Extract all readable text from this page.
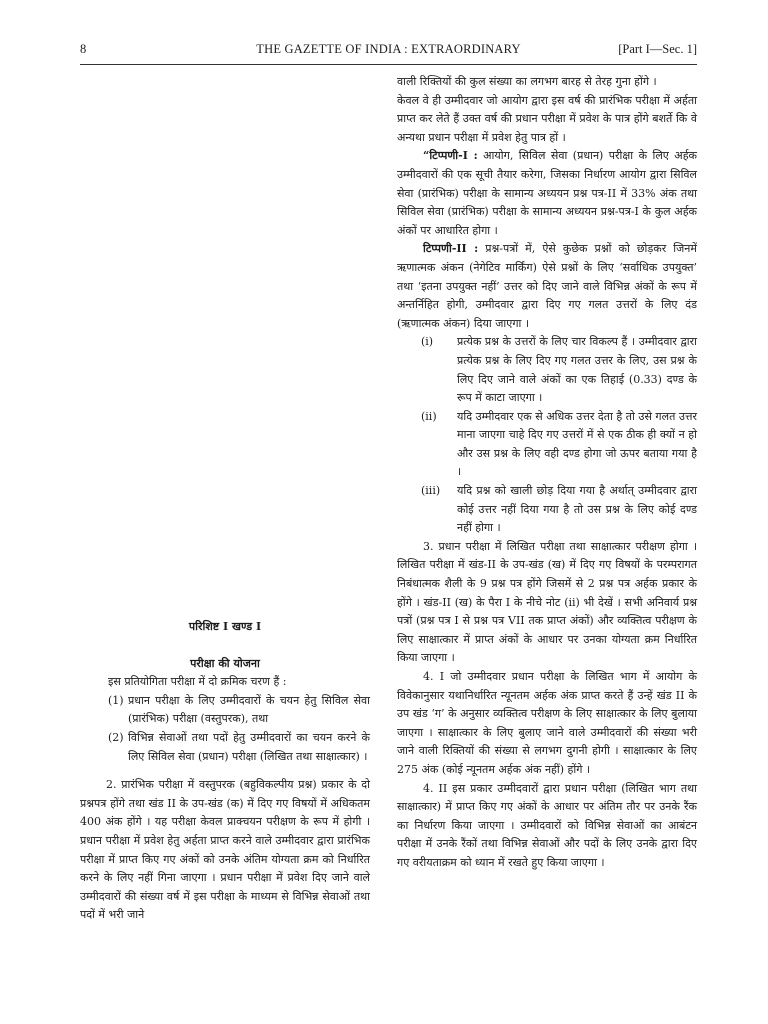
8	THE GAZETTE OF INDIA : EXTRAORDINARY	[Part I—Sec. 1]

वाली रिक्तियों की कुल संख्या का लगभग बारह से तेरह गुना होंगे ।

केवल वे ही उम्मीदवार जो आयोग द्वारा इस वर्ष की प्रारंभिक परीक्षा में अर्हता प्राप्त कर लेते हैं उक्त वर्ष की प्रधान परीक्षा में प्रवेश के पात्र होंगे बशर्ते कि वे अन्यथा प्रधान परीक्षा में प्रवेश हेतु पात्र हों ।

“टिप्पणी-I : आयोग, सिविल सेवा (प्रधान) परीक्षा के लिए अर्हक उम्मीदवारों की एक सूची तैयार करेगा, जिसका निर्धारण आयोग द्वारा सिविल सेवा (प्रारंभिक) परीक्षा के सामान्य अध्ययन प्रश्न पत्र-II में 33% अंक तथा सिविल सेवा (प्रारंभिक) परीक्षा के सामान्य अध्ययन प्रश्न-पत्र-I के कुल अर्हक अंकों पर आधारित होगा ।

टिप्पणी-II : प्रश्न-पत्रों में, ऐसे कुछेक प्रश्नों को छोड़कर जिनमें ऋणात्मक अंकन (नेगेटिव मार्किंग) ऐसे प्रश्नों के लिए ‘सर्वाधिक उपयुक्त’ तथा ‘इतना उपयुक्त नहीं’ उत्तर को दिए जाने वाले विभिन्न अंकों के रूप में अन्तर्निहित होगी, उम्मीदवार द्वारा दिए गए गलत उत्तरों के लिए दंड (ऋणात्मक अंकन) दिया जाएगा ।

(i) प्रत्येक प्रश्न के उत्तरों के लिए चार विकल्प हैं । उम्मीदवार द्वारा प्रत्येक प्रश्न के लिए दिए गए गलत उत्तर के लिए, उस प्रश्न के लिए दिए जाने वाले अंकों का एक तिहाई (0.33) दण्ड के रूप में काटा जाएगा ।

(ii) यदि उम्मीदवार एक से अधिक उत्तर देता है तो उसे गलत उत्तर माना जाएगा चाहे दिए गए उत्तरों में से एक ठीक ही क्यों न हो और उस प्रश्न के लिए वही दण्ड होगा जो ऊपर बताया गया है ।

(iii) यदि प्रश्न को खाली छोड़ दिया गया है अर्थात् उम्मीदवार द्वारा कोई उत्तर नहीं दिया गया है तो उस प्रश्न के लिए कोई दण्ड नहीं होगा ।

3. प्रधान परीक्षा में लिखित परीक्षा तथा साक्षात्कार परीक्षण होगा । लिखित परीक्षा में खंड-II के उप-खंड (ख) में दिए गए विषयों के परम्परागत निबंधात्मक शैली के 9 प्रश्न पत्र होंगे जिसमें से 2 प्रश्न पत्र अर्हक प्रकार के होंगे । खंड-II (ख) के पैरा I के नीचे नोट (ii) भी देखें । सभी अनिवार्य प्रश्न पत्रों (प्रश्न पत्र I से प्रश्न पत्र VII तक प्राप्त अंकों) और व्यक्तित्व परीक्षण के लिए साक्षात्कार में प्राप्त अंकों के आधार पर उनका योग्यता क्रम निर्धारित किया जाएगा ।

4. I जो उम्मीदवार प्रधान परीक्षा के लिखित भाग में आयोग के विवेकानुसार यथानिर्धारित न्यूनतम अर्हक अंक प्राप्त करते हैं उन्हें खंड II के उप खंड ‘ग’ के अनुसार व्यक्तित्व परीक्षण के लिए साक्षात्कार के लिए बुलाया जाएगा । साक्षात्कार के लिए बुलाए जाने वाले उम्मीदवारों की संख्या भरी जाने वाली रिक्तियों की संख्या से लगभग दुगनी होगी । साक्षात्कार के लिए 275 अंक (कोई न्यूनतम अर्हक अंक नहीं) होंगे ।

4. II इस प्रकार उम्मीदवारों द्वारा प्रधान परीक्षा (लिखित भाग तथा साक्षात्कार) में प्राप्त किए गए अंकों के आधार पर अंतिम तौर पर उनके रैंक का निर्धारण किया जाएगा । उम्मीदवारों को विभिन्न सेवाओं का आबंटन परीक्षा में उनके रैंकों तथा विभिन्न सेवाओं और पदों के लिए उनके द्वारा दिए गए वरीयताक्रम को ध्यान में रखते हुए किया जाएगा ।

परिशिष्ट I खण्ड I

परीक्षा की योजना

इस प्रतियोगिता परीक्षा में दो क्रमिक चरण हैं :

(1) प्रधान परीक्षा के लिए उम्मीदवारों के चयन हेतु सिविल सेवा (प्रारंभिक) परीक्षा (वस्तुपरक), तथा

(2) विभिन्न सेवाओं तथा पदों हेतु उम्मीदवारों का चयन करने के लिए सिविल सेवा (प्रधान) परीक्षा (लिखित तथा साक्षात्कार) ।

2. प्रारंभिक परीक्षा में वस्तुपरक (बहुविकल्पीय प्रश्न) प्रकार के दो प्रश्नपत्र होंगे तथा खंड II के उप-खंड (क) में दिए गए विषयों में अधिकतम 400 अंक होंगे । यह परीक्षा केवल प्राक्चयन परीक्षण के रूप में होगी । प्रधान परीक्षा में प्रवेश हेतु अर्हता प्राप्त करने वाले उम्मीदवार द्वारा प्रारंभिक परीक्षा में प्राप्त किए गए अंकों को उनके अंतिम योग्यता क्रम को निर्धारित करने के लिए नहीं गिना जाएगा । प्रधान परीक्षा में प्रवेश दिए जाने वाले उम्मीदवारों की संख्या वर्ष में इस परीक्षा के माध्यम से विभिन्न सेवाओं तथा पदों में भरी जाने
